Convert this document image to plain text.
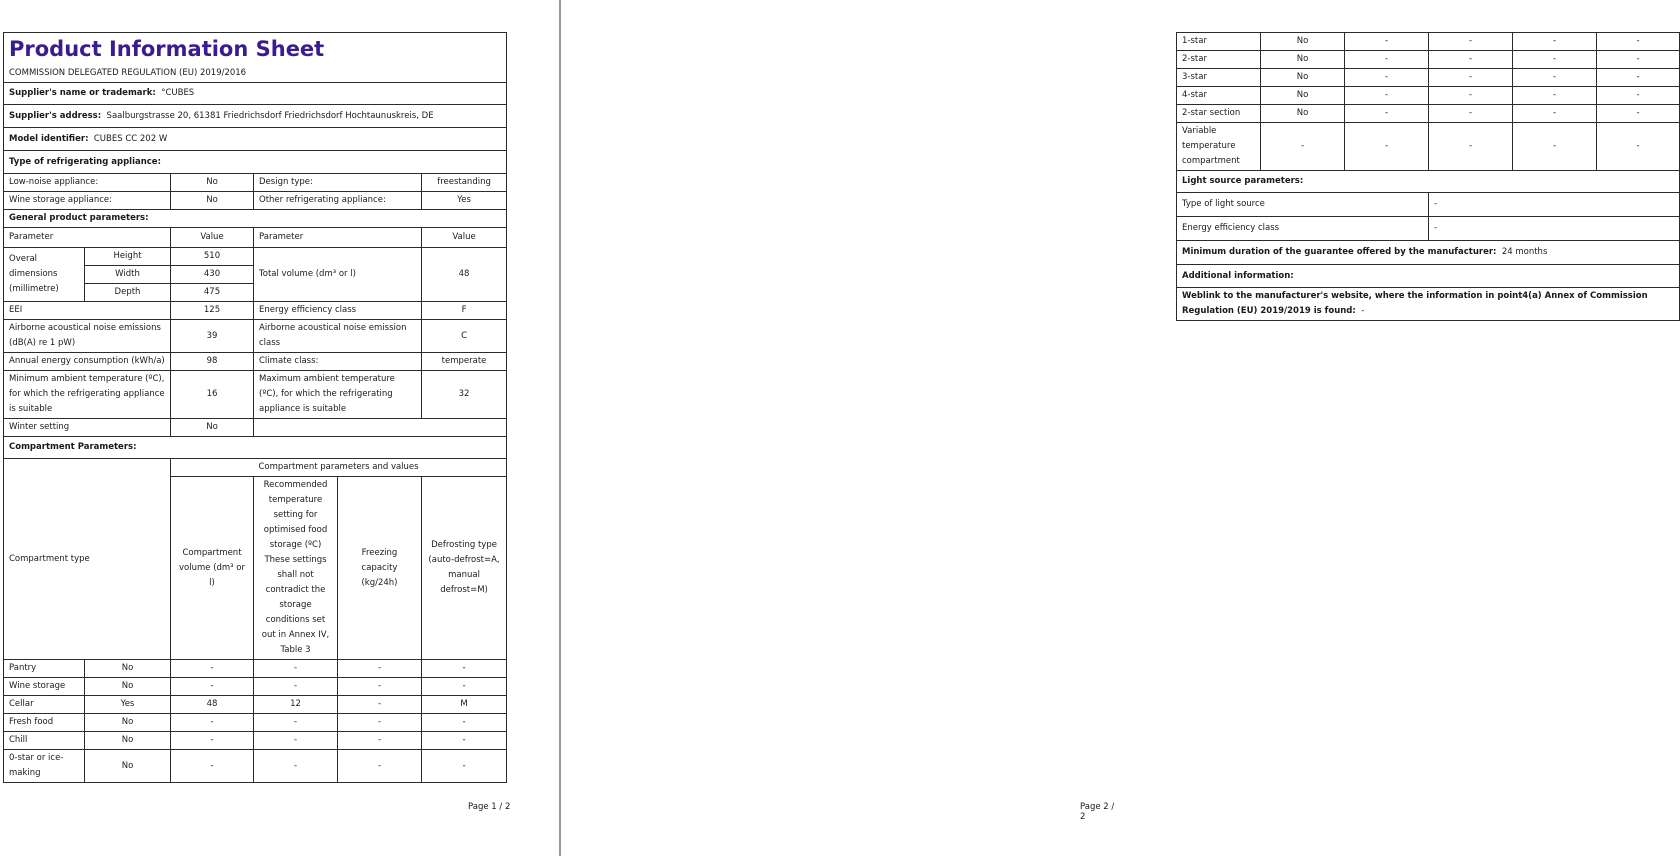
Product Information Sheet
COMMISSION DELEGATED REGULATION (EU) 2019/2016					

Supplier's name or trademark: °CUBES					
Supplier's address: Saalburgstrasse 20, 61381 Friedrichsdorf Friedrichsdorf Hochtaunuskreis, DE					
Model identifier: CUBES CC 202 W					
Type of refrigerating appliance:					
Low-noise appliance:		No	Design type:		freestanding
Wine storage appliance:		No	Other refrigerating appliance:		Yes
General product parameters:					
Parameter		Value	Parameter		Value
Overal dimensions (millimetre)	Height	510	Total volume (dm³ or l)		48
	Width	430			
	Depth	475			
EEI		125	Energy efficiency class		F
Airborne acoustical noise emissions (dB(A) re 1 pW)		39	Airborne acoustical noise emission class		C
Annual energy consumption (kWh/a)		98	Climate class:		temperate
Minimum ambient temperature (ºC), for which the refrigerating appliance is suitable		16	Maximum ambient temperature (ºC), for which the refrigerating appliance is suitable		32
Winter setting		No			
Compartment Parameters:					
Compartment type		Compartment parameters and values			
		Compartment volume (dm³ or l)	Recommended temperature setting for optimised food storage (ºC) These settings shall not contradict the storage conditions set out in Annex IV, Table 3	Freezing capacity (kg/24h)	Defrosting type (auto-defrost=A, manual defrost=M)
Pantry	No	-	-	-	-
Wine storage	No	-	-	-	-
Cellar	Yes	48	12	-	M
Fresh food	No	-	-	-	-
Chill	No	-	-	-	-
0-star or ice-making	No	-	-	-	-
Page 1 / 2
1-star	No	-	-	-	-
2-star	No	-	-	-	-
3-star	No	-	-	-	-
4-star	No	-	-	-	-
2-star section	No	-	-	-	-
Variable temperature compartment	-	-	-	-	-
Light source parameters:					
Type of light source			-		
Energy efficiency class			-		
Minimum duration of the guarantee offered by the manufacturer: 24 months					
Additional information:					
Weblink to the manufacturer's website, where the information in point4(a) Annex of Commission Regulation (EU) 2019/2019 is found: -					
Page 2 / 2
